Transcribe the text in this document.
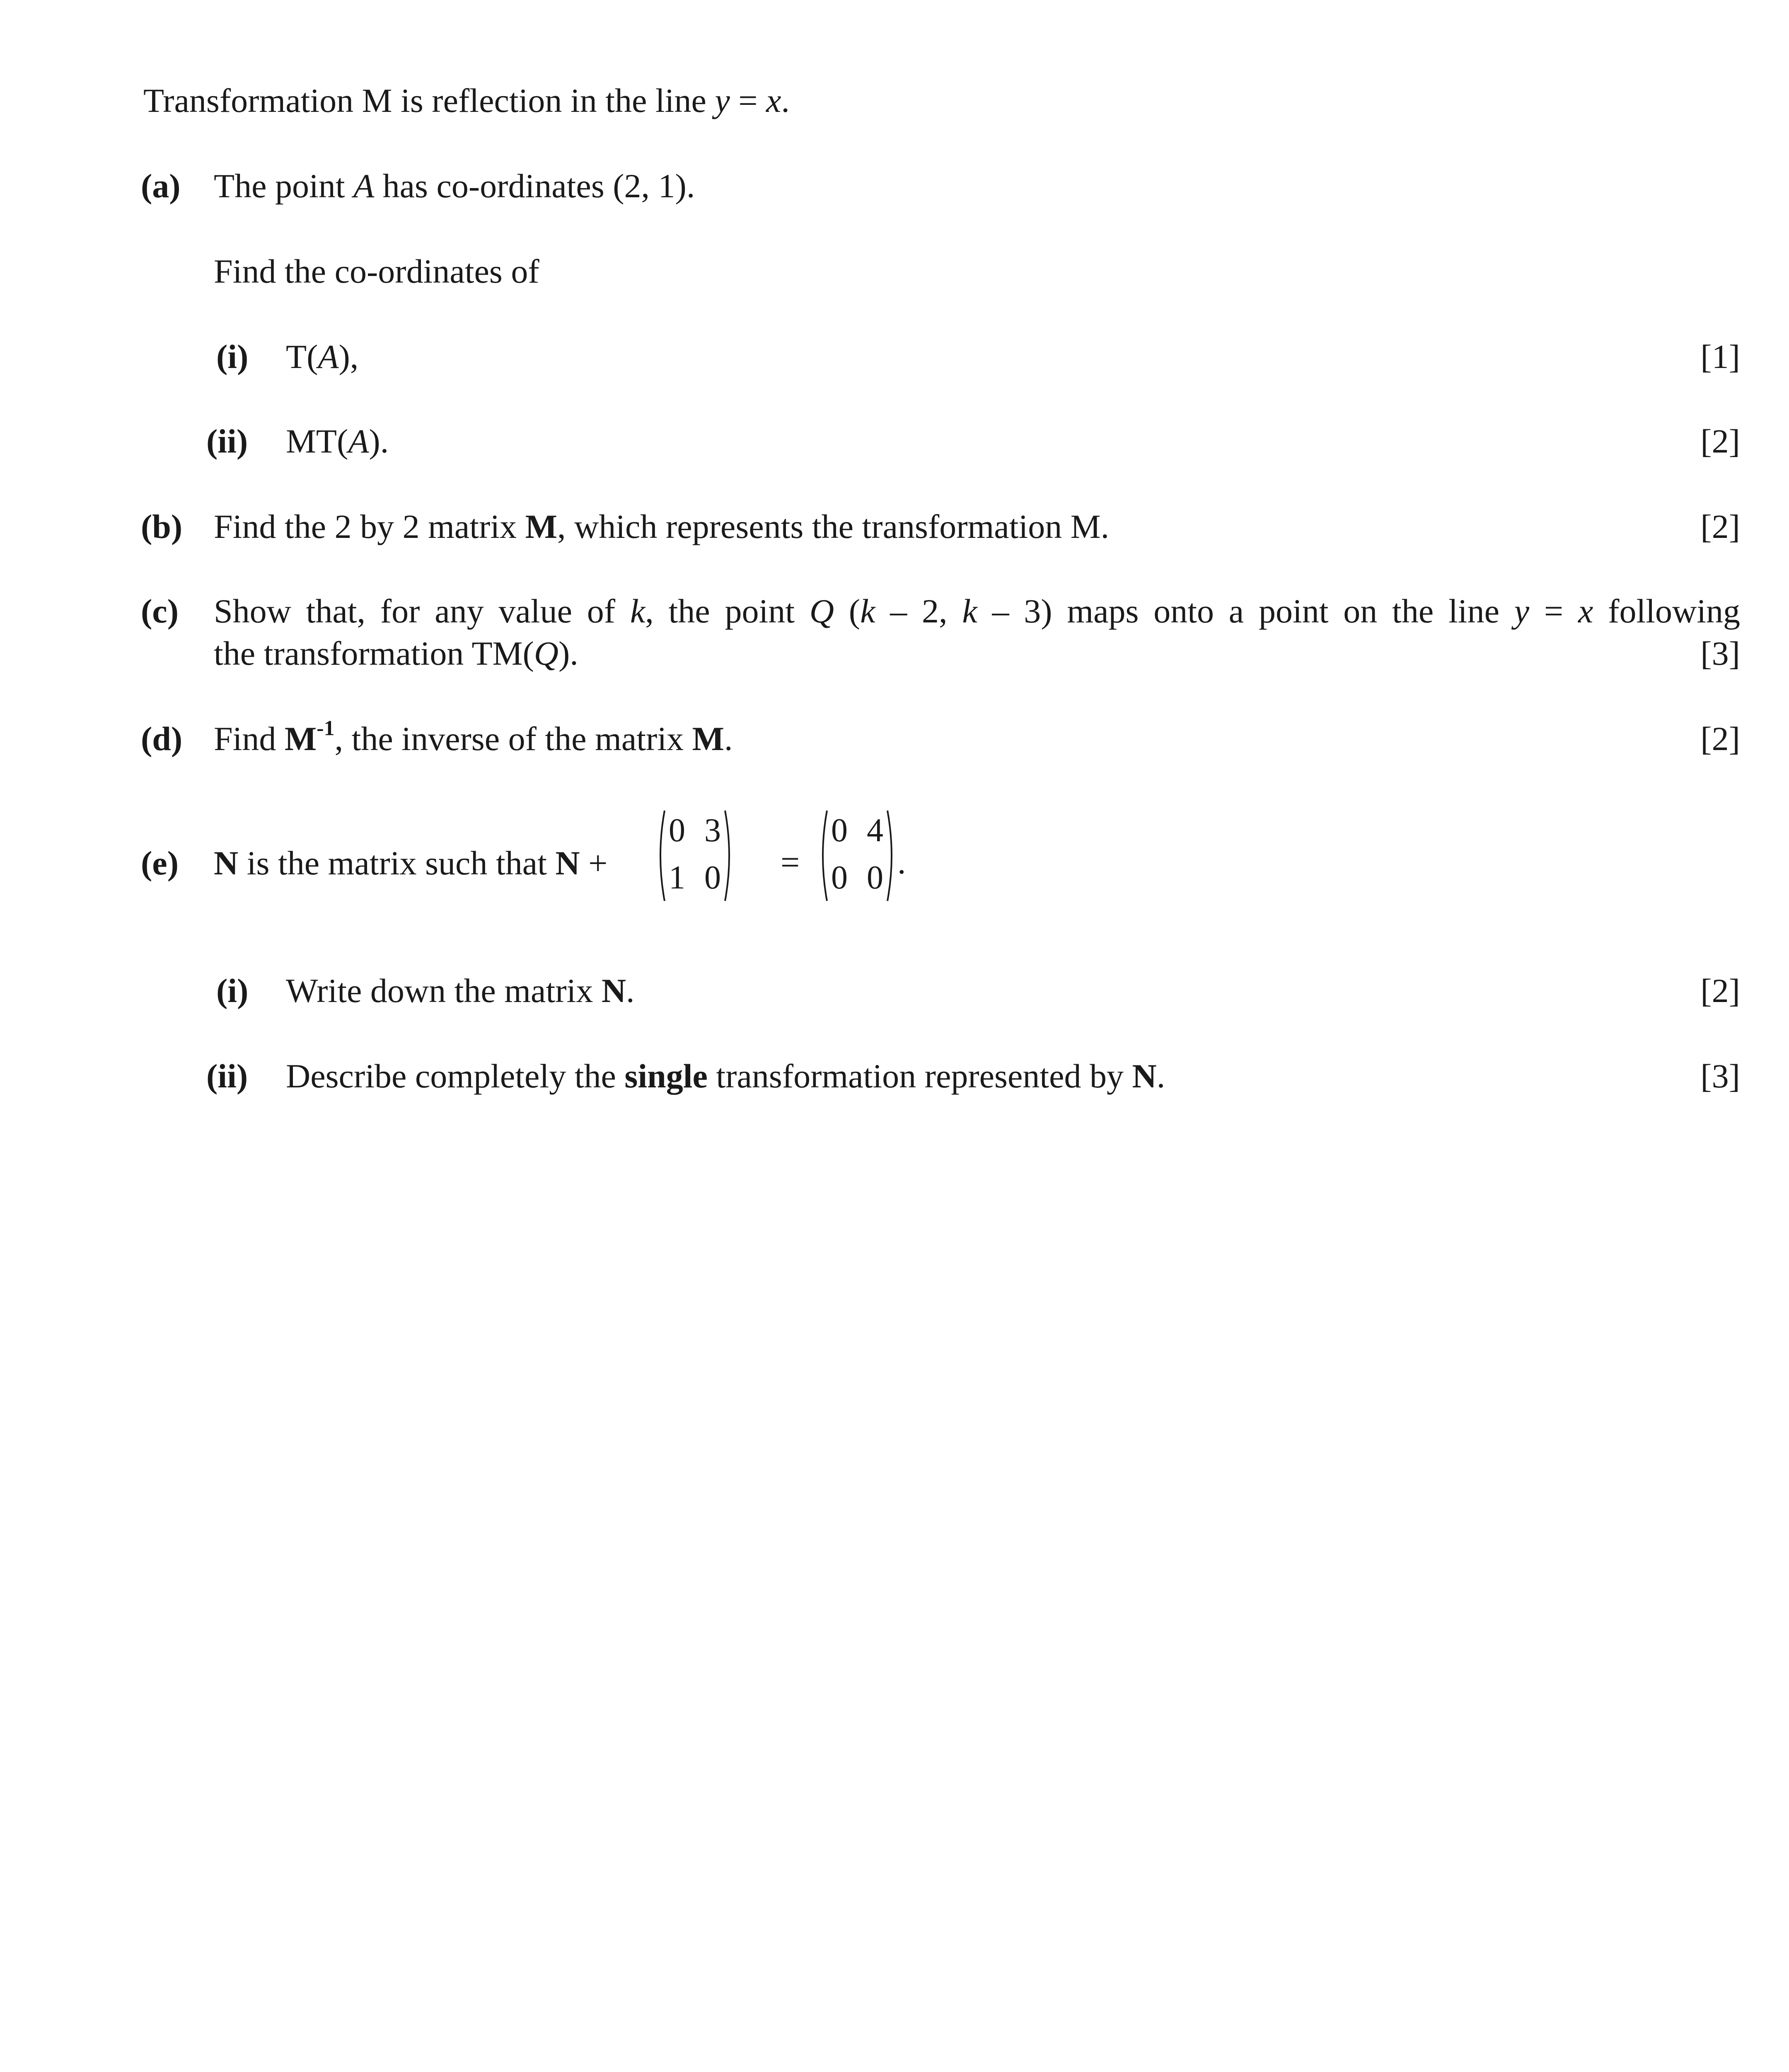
Transformation M is reflection in the line y = x.
(a) The point A has co-ordinates (2, 1).
Find the co-ordinates of
(i) T(A),	[1]
(ii) MT(A).	[2]
(b) Find the 2 by 2 matrix M, which represents the transformation M.	[2]
(c) Show that, for any value of k, the point Q (k – 2, k – 3) maps onto a point on the line y = x following
the transformation TM(Q).	[3]
(d) Find $M^{-1}$, the inverse of the matrix M.	[2]
(e) N is the matrix such that N +
0 3
1 0 =
0 4
0 0 .
(i) Write down the matrix N.	[2]
(ii) Describe completely the single transformation represented by N.	[3]
